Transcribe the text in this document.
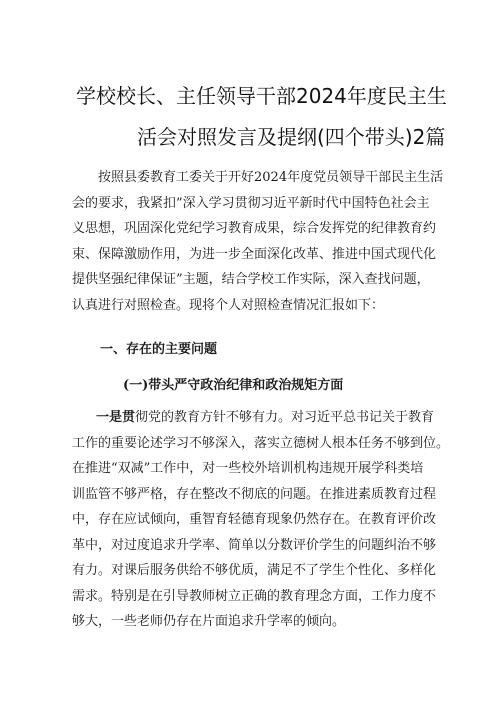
学校校长、主任领导干部2024年度民主生
活会对照发言及提纲(四个带头)2篇
按照县委教育工委关于开好2024年度党员领导干部民主生活
会的要求，我紧扣”深入学习贯彻习近平新时代中国特色社会主
义思想，巩固深化党纪学习教育成果，综合发挥党的纪律教育约
束、保障激励作用，为进一步全面深化改革、推进中国式现代化
提供坚强纪律保证”主题，结合学校工作实际，深入查找问题，
认真进行对照检查。现将个人对照检查情况汇报如下：
一、存在的主要问题
(一)带头严守政治纪律和政治规矩方面
一是贯彻党的教育方针不够有力。对习近平总书记关于教育
工作的重要论述学习不够深入，落实立德树人根本任务不够到位。
在推进“双减”工作中，对一些校外培训机构违规开展学科类培
训监管不够严格，存在整改不彻底的问题。在推进素质教育过程
中，存在应试倾向，重智育轻德育现象仍然存在。在教育评价改
革中，对过度追求升学率、简单以分数评价学生的问题纠治不够
有力。对课后服务供给不够优质，满足不了学生个性化、多样化
需求。特别是在引导教师树立正确的教育理念方面，工作力度不
够大，一些老师仍存在片面追求升学率的倾向。
